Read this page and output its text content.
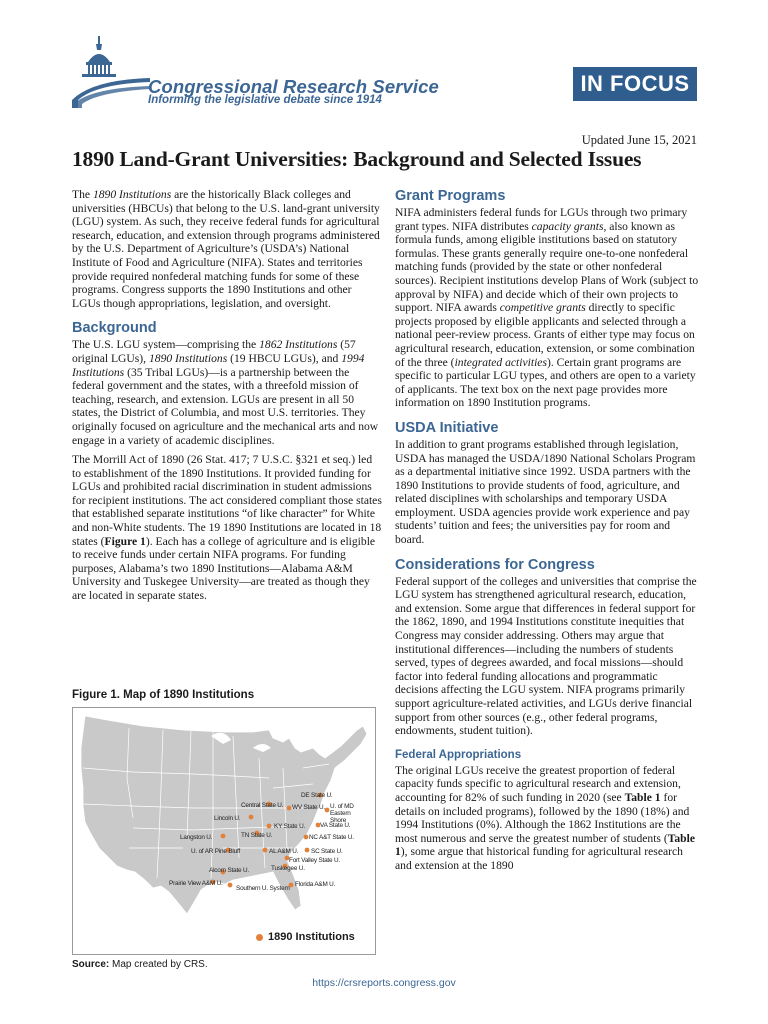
Congressional Research Service
Informing the legislative debate since 1914
IN FOCUS
Updated June 15, 2021
1890 Land-Grant Universities: Background and Selected Issues

The 1890 Institutions are the historically Black colleges and universities (HBCUs) that belong to the U.S. land-grant university (LGU) system. As such, they receive federal funds for agricultural research, education, and extension through programs administered by the U.S. Department of Agriculture’s (USDA’s) National Institute of Food and Agriculture (NIFA). States and territories provide required nonfederal matching funds for some of these programs. Congress supports the 1890 Institutions and other LGUs though appropriations, legislation, and oversight.

Background

The U.S. LGU system—comprising the 1862 Institutions (57 original LGUs), 1890 Institutions (19 HBCU LGUs), and 1994 Institutions (35 Tribal LGUs)—is a partnership between the federal government and the states, with a threefold mission of teaching, research, and extension. LGUs are present in all 50 states, the District of Columbia, and most U.S. territories. They originally focused on agriculture and the mechanical arts and now engage in a variety of academic disciplines.

The Morrill Act of 1890 (26 Stat. 417; 7 U.S.C. §321 et seq.) led to establishment of the 1890 Institutions. It provided funding for LGUs and prohibited racial discrimination in student admissions for recipient institutions. The act considered compliant those states that established separate institutions “of like character” for White and non-White students. The 19 1890 Institutions are located in 18 states (Figure 1). Each has a college of agriculture and is eligible to receive funds under certain NIFA programs. For funding purposes, Alabama’s two 1890 Institutions—Alabama A&M University and Tuskegee University—are treated as though they are located in separate states.

Figure 1. Map of 1890 Institutions
DE State U.
U. of MD Eastern Shore
Central State U. WV State U.
Lincoln U.
KY State U. VA State U.
TN State U.	NC A&T State U.
Langston U.
U. of AR Pine Bluff	AL A&M U. SC State U.
Fort Valley State U.
Tuskegee U.
Alcorn State U.
Prairie View A&M U.
Southern U. System
Florida A&M U.
1890 Institutions
Source: Map created by CRS.
Grant Programs

NIFA administers federal funds for LGUs through two primary grant types. NIFA distributes capacity grants, also known as formula funds, among eligible institutions based on statutory formulas. These grants generally require one-to-one nonfederal matching funds (provided by the state or other nonfederal sources). Recipient institutions develop Plans of Work (subject to approval by NIFA) and decide which of their own projects to support. NIFA awards competitive grants directly to specific projects proposed by eligible applicants and selected through a national peer-review process. Grants of either type may focus on agricultural research, education, extension, or some combination of the three (integrated activities). Certain grant programs are specific to particular LGU types, and others are open to a variety of applicants. The text box on the next page provides more information on 1890 Institution programs.

USDA Initiative

In addition to grant programs established through legislation, USDA has managed the USDA/1890 National Scholars Program as a departmental initiative since 1992. USDA partners with the 1890 Institutions to provide students of food, agriculture, and related disciplines with scholarships and temporary USDA employment. USDA agencies provide work experience and pay students’ tuition and fees; the universities pay for room and board.

Considerations for Congress

Federal support of the colleges and universities that comprise the LGU system has strengthened agricultural research, education, and extension. Some argue that differences in federal support for the 1862, 1890, and 1994 Institutions constitute inequities that Congress may consider addressing. Others may argue that institutional differences—including the numbers of students served, types of degrees awarded, and focal missions—should factor into federal funding allocations and programmatic decisions affecting the LGU system. NIFA programs primarily support agriculture-related activities, and LGUs derive financial support from other sources (e.g., other federal programs, endowments, student tuition).

Federal Appropriations

The original LGUs receive the greatest proportion of federal capacity funds specific to agricultural research and extension, accounting for 82% of such funding in 2020 (see Table 1 for details on included programs), followed by the 1890 (18%) and 1994 Institutions (0%). Although the 1862 Institutions are the most numerous and serve the greatest number of students (Table 1), some argue that historical funding for agricultural research and extension at the 1890

https://crsreports.congress.gov
